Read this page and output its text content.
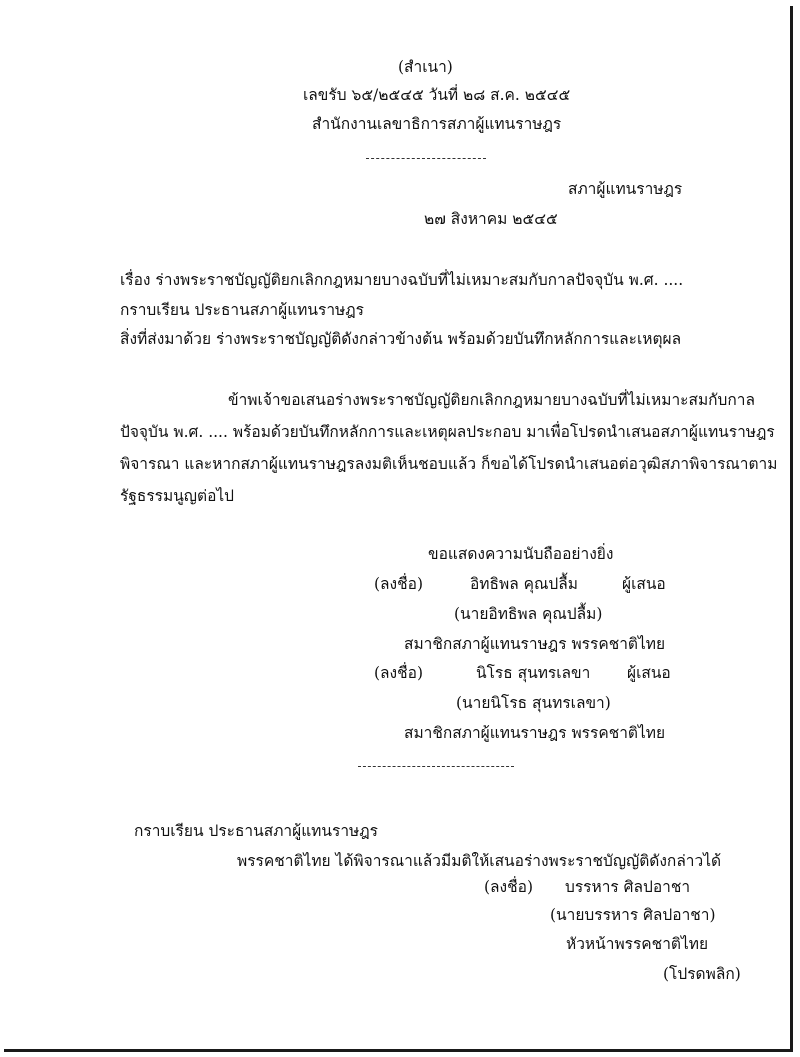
(สำเนา)
เลขรับ ๖๕/๒๕๔๕ วันที่ ๒๘ ส.ค. ๒๕๔๕
สำนักงานเลขาธิการสภาผู้แทนราษฎร
สภาผู้แทนราษฎร
๒๗ สิงหาคม ๒๕๔๕
เรื่อง ร่างพระราชบัญญัติยกเลิกกฎหมายบางฉบับที่ไม่เหมาะสมกับกาลปัจจุบัน พ.ศ. ....
กราบเรียน ประธานสภาผู้แทนราษฎร
สิ่งที่ส่งมาด้วย ร่างพระราชบัญญัติดังกล่าวข้างต้น พร้อมด้วยบันทึกหลักการและเหตุผล
ข้าพเจ้าขอเสนอร่างพระราชบัญญัติยกเลิกกฎหมายบางฉบับที่ไม่เหมาะสมกับกาล
ปัจจุบัน พ.ศ. .... พร้อมด้วยบันทึกหลักการและเหตุผลประกอบ มาเพื่อโปรดนำเสนอสภาผู้แทนราษฎร
พิจารณา และหากสภาผู้แทนราษฎรลงมติเห็นชอบแล้ว ก็ขอได้โปรดนำเสนอต่อวุฒิสภาพิจารณาตาม
รัฐธรรมนูญต่อไป
ขอแสดงความนับถืออย่างยิ่ง
(ลงชื่อ)	อิทธิพล คุณปลื้ม	ผู้เสนอ
(นายอิทธิพล คุณปลื้ม)
สมาชิกสภาผู้แทนราษฎร พรรคชาติไทย
(ลงชื่อ)	นิโรธ สุนทรเลขา ผู้เสนอ
(นายนิโรธ สุนทรเลขา)
สมาชิกสภาผู้แทนราษฎร พรรคชาติไทย
กราบเรียน ประธานสภาผู้แทนราษฎร
พรรคชาติไทย ได้พิจารณาแล้วมีมติให้เสนอร่างพระราชบัญญัติดังกล่าวได้
(ลงชื่อ) บรรหาร ศิลปอาชา
(นายบรรหาร ศิลปอาชา)
หัวหน้าพรรคชาติไทย
(โปรดพลิก)
